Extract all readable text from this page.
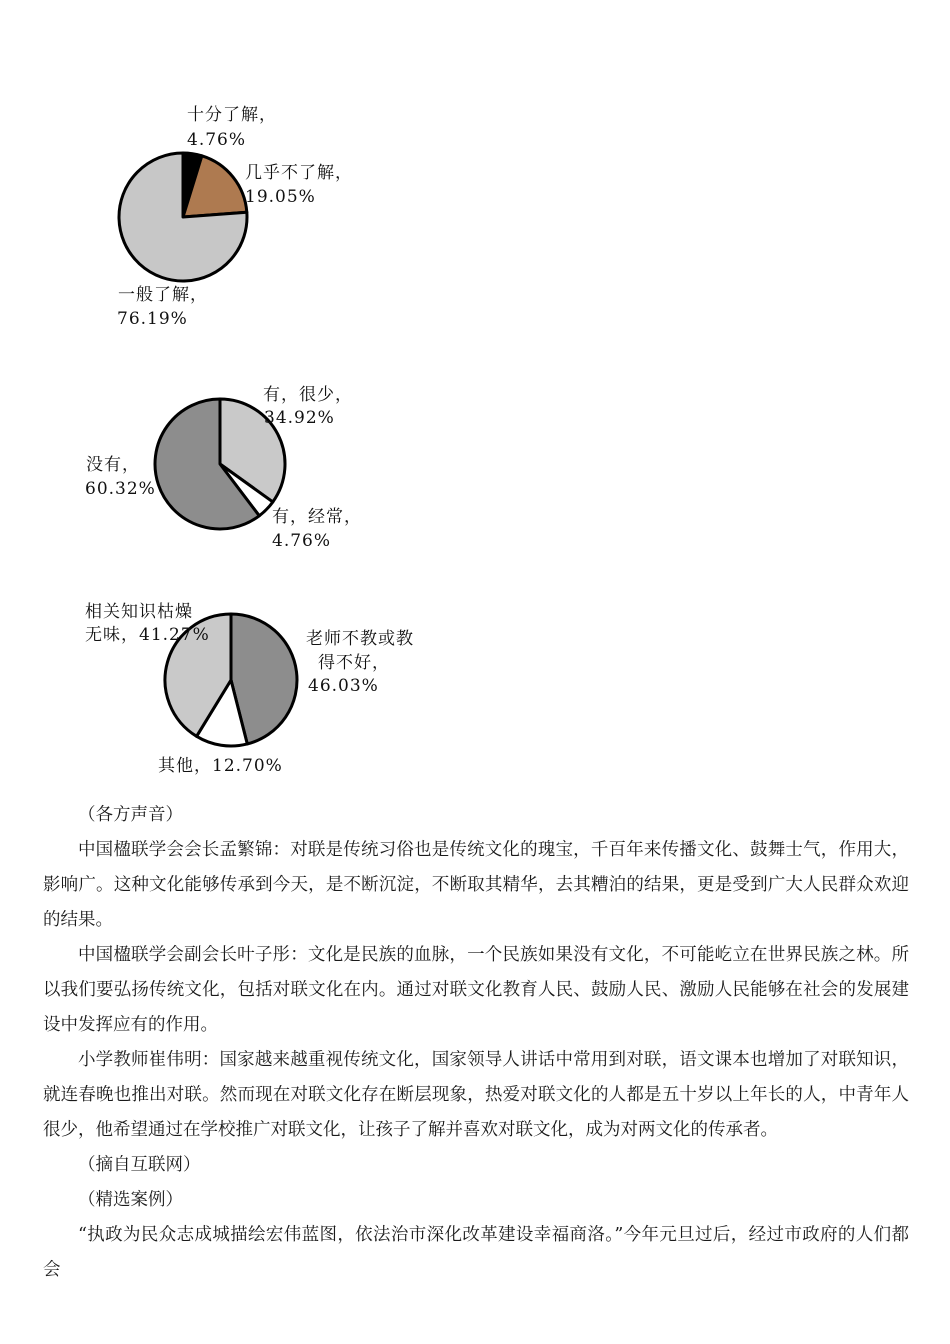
十分了解，
4.76%
几乎不了解，
19.05%
一般了解，
76.19%
有，很少，
34.92%
有，经常，
4.76%
没有，
60.32%
老师不教或教
得不好，
46.03%
其他，12.70%
相关知识枯燥
无味，41.27%

（各方声音）

中国楹联学会会长孟繁锦：对联是传统习俗也是传统文化的瑰宝，千百年来传播文化、鼓舞士气，作用大，影响广。这种文化能够传承到今天，是不断沉淀，不断取其精华，去其糟泊的结果，更是受到广大人民群众欢迎的结果。

中国楹联学会副会长叶子彤：文化是民族的血脉，一个民族如果没有文化，不可能屹立在世界民族之林。所以我们要弘扬传统文化，包括对联文化在内。通过对联文化教育人民、鼓励人民、激励人民能够在社会的发展建设中发挥应有的作用。

小学教师崔伟明：国家越来越重视传统文化，国家领导人讲话中常用到对联，语文课本也增加了对联知识，就连春晚也推出对联。然而现在对联文化存在断层现象，热爱对联文化的人都是五十岁以上年长的人，中青年人很少，他希望通过在学校推广对联文化，让孩子了解并喜欢对联文化，成为对两文化的传承者。

（摘自互联网）

（精选案例）

“执政为民众志成城描绘宏伟蓝图，依法治市深化改革建设幸福商洛。”今年元旦过后，经过市政府的人们都会
